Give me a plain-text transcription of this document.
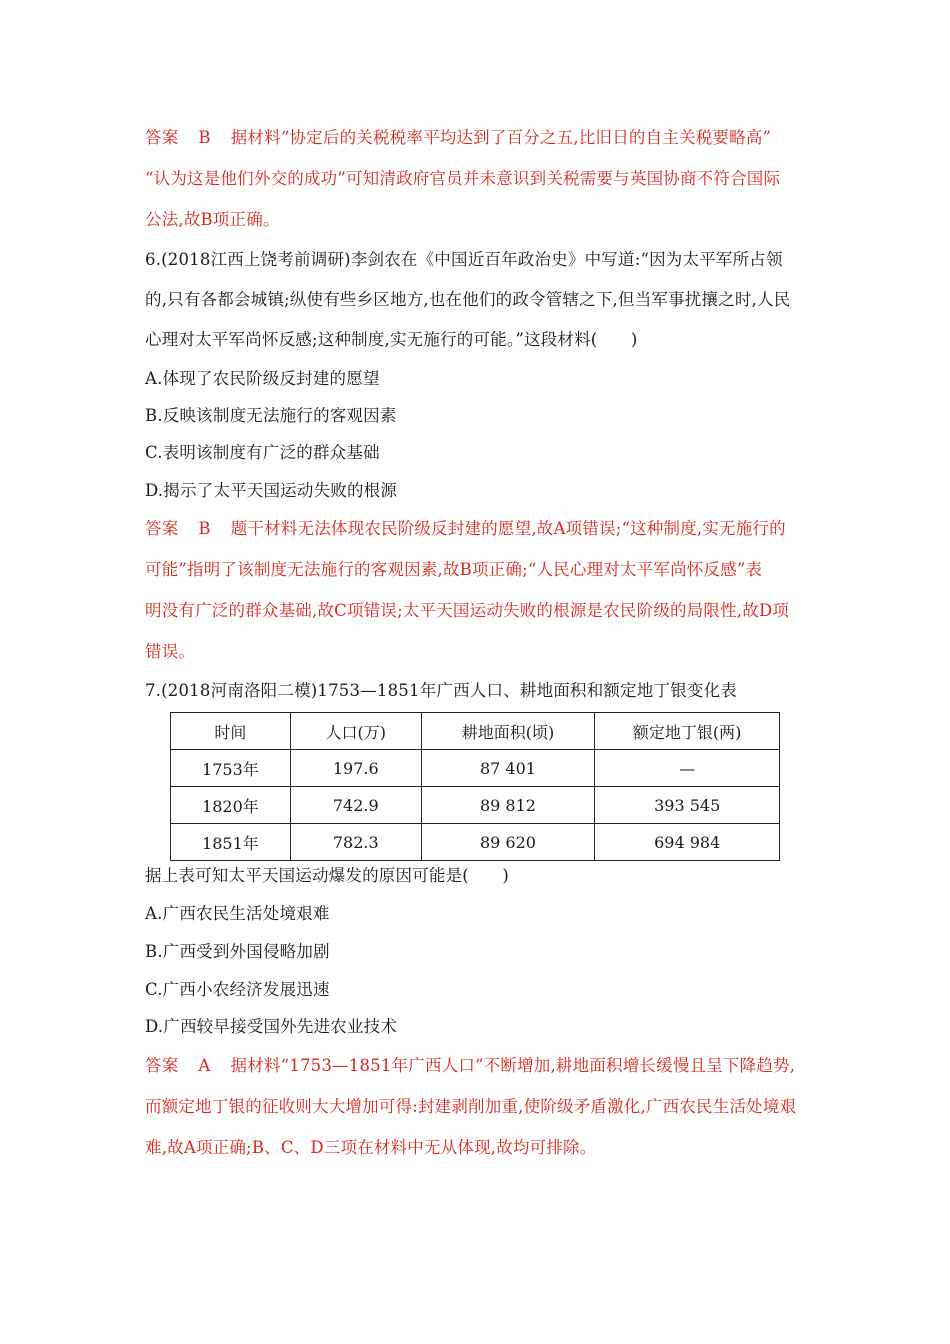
答案 B 据材料“协定后的关税税率平均达到了百分之五,比旧日的自主关税要略高”
“认为这是他们外交的成功”可知清政府官员并未意识到关税需要与英国协商不符合国际
公法,故B项正确。
6.(2018江西上饶考前调研)李剑农在《中国近百年政治史》中写道:“因为太平军所占领
的,只有各都会城镇;纵使有些乡区地方,也在他们的政令管辖之下,但当军事扰攘之时,人民
心理对太平军尚怀反感;这种制度,实无施行的可能。”这段材料(　　)
A.体现了农民阶级反封建的愿望
B.反映该制度无法施行的客观因素
C.表明该制度有广泛的群众基础
D.揭示了太平天国运动失败的根源
答案 B 题干材料无法体现农民阶级反封建的愿望,故A项错误;“这种制度,实无施行的
可能”指明了该制度无法施行的客观因素,故B项正确;“人民心理对太平军尚怀反感”表
明没有广泛的群众基础,故C项错误;太平天国运动失败的根源是农民阶级的局限性,故D项
错误。
7.(2018河南洛阳二模)1753—1851年广西人口、耕地面积和额定地丁银变化表
时间	人口(万)	耕地面积(顷)	额定地丁银(两)
1753年	197.6	87 401	—
1820年	742.9	89 812	393 545
1851年	782.3	89 620	694 984
据上表可知太平天国运动爆发的原因可能是(　　)
A.广西农民生活处境艰难
B.广西受到外国侵略加剧
C.广西小农经济发展迅速
D.广西较早接受国外先进农业技术
答案 A 据材料“1753—1851年广西人口”不断增加,耕地面积增长缓慢且呈下降趋势,
而额定地丁银的征收则大大增加可得:封建剥削加重,使阶级矛盾激化,广西农民生活处境艰
难,故A项正确;B、C、D三项在材料中无从体现,故均可排除。
